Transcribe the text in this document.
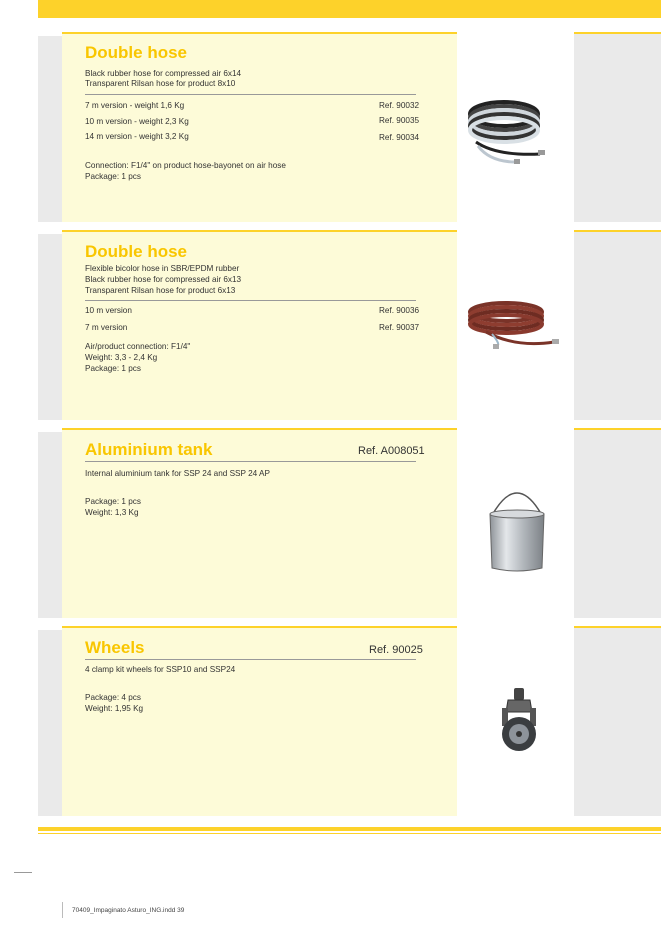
Double hose
Black rubber hose for compressed air 6x14
Transparent Rilsan hose for product 8x10
7 m version - weight 1,6 Kg	Ref. 90032
10 m version - weight 2,3 Kg	Ref. 90035
14 m version - weight 3,2 Kg	Ref. 90034
Connection: F1/4" on product hose-bayonet on air hose
Package: 1 pcs
Double hose
Flexible bicolor hose in SBR/EPDM rubber
Black rubber hose for compressed air 6x13
Transparent Rilsan hose for product 6x13
10 m version	Ref. 90036
7 m version	Ref. 90037
Air/product connection: F1/4"
Weight: 3,3 - 2,4 Kg
Package: 1 pcs
Aluminium tank	Ref. A008051
Internal aluminium tank for SSP 24 and SSP 24 AP
Package: 1 pcs
Weight: 1,3 Kg
Wheels	Ref. 90025
4 clamp kit wheels for SSP10 and SSP24
Package: 4 pcs
Weight: 1,95 Kg
70409_Impaginato Asturo_ING.indd 39
